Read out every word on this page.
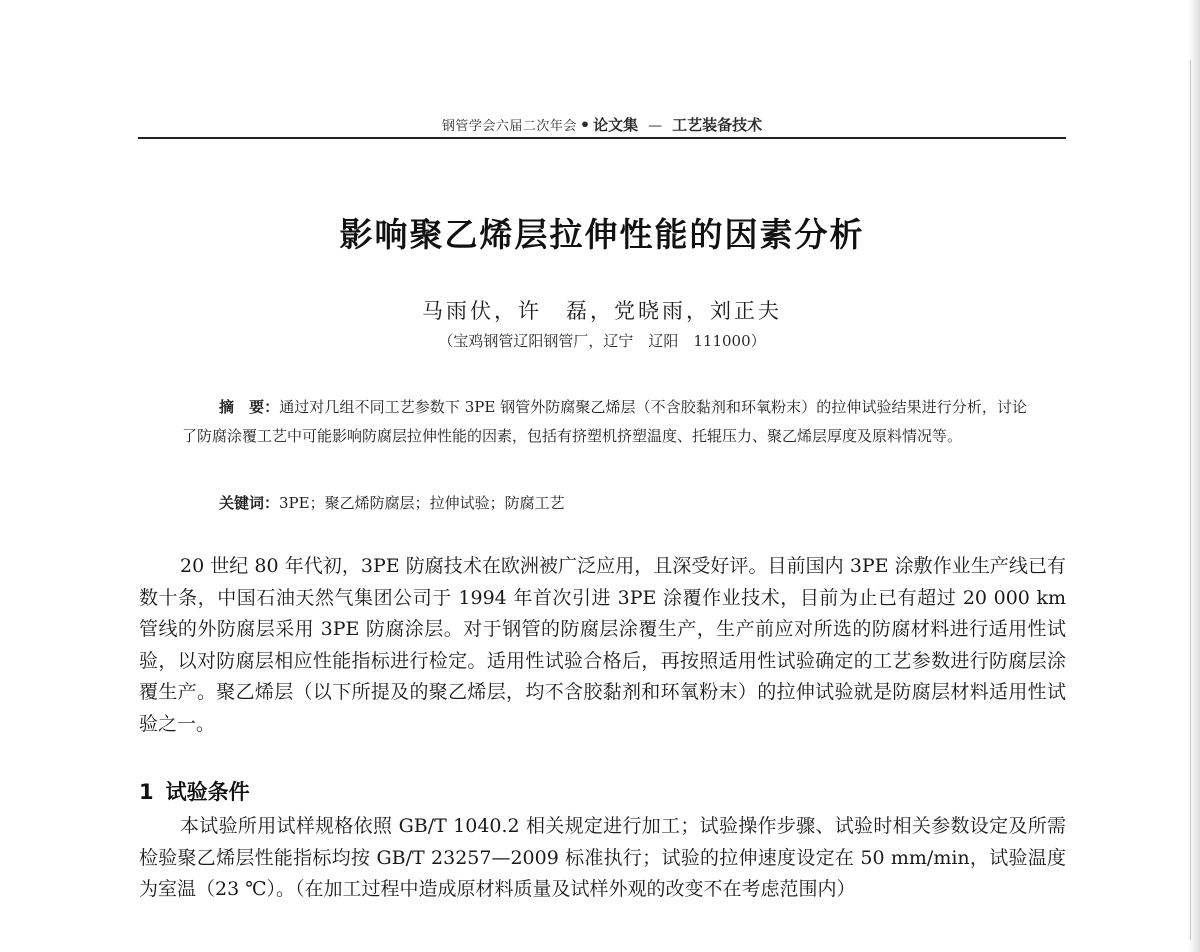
钢管学会六届二次年会 • 论文集 — 工艺装备技术
影响聚乙烯层拉伸性能的因素分析
马雨伏，许　磊，党晓雨，刘正夫
（宝鸡钢管辽阳钢管厂，辽宁　辽阳　111000）
摘　要：通过对几组不同工艺参数下 3PE 钢管外防腐聚乙烯层（不含胶黏剂和环氧粉末）的拉伸试验结果进行分析，讨论了防腐涂覆工艺中可能影响防腐层拉伸性能的因素，包括有挤塑机挤塑温度、托辊压力、聚乙烯层厚度及原料情况等。
关键词：3PE；聚乙烯防腐层；拉伸试验；防腐工艺
20 世纪 80 年代初，3PE 防腐技术在欧洲被广泛应用，且深受好评。目前国内 3PE 涂敷作业生产线已有数十条，中国石油天然气集团公司于 1994 年首次引进 3PE 涂覆作业技术，目前为止已有超过 20 000 km 管线的外防腐层采用 3PE 防腐涂层。对于钢管的防腐层涂覆生产，生产前应对所选的防腐材料进行适用性试验，以对防腐层相应性能指标进行检定。适用性试验合格后，再按照适用性试验确定的工艺参数进行防腐层涂覆生产。聚乙烯层（以下所提及的聚乙烯层，均不含胶黏剂和环氧粉末）的拉伸试验就是防腐层材料适用性试验之一。
1 试验条件
本试验所用试样规格依照 GB/T 1040.2 相关规定进行加工；试验操作步骤、试验时相关参数设定及所需检验聚乙烯层性能指标均按 GB/T 23257—2009 标准执行；试验的拉伸速度设定在 50 mm/min，试验温度为室温（23 ℃）。（在加工过程中造成原材料质量及试样外观的改变不在考虑范围内）
